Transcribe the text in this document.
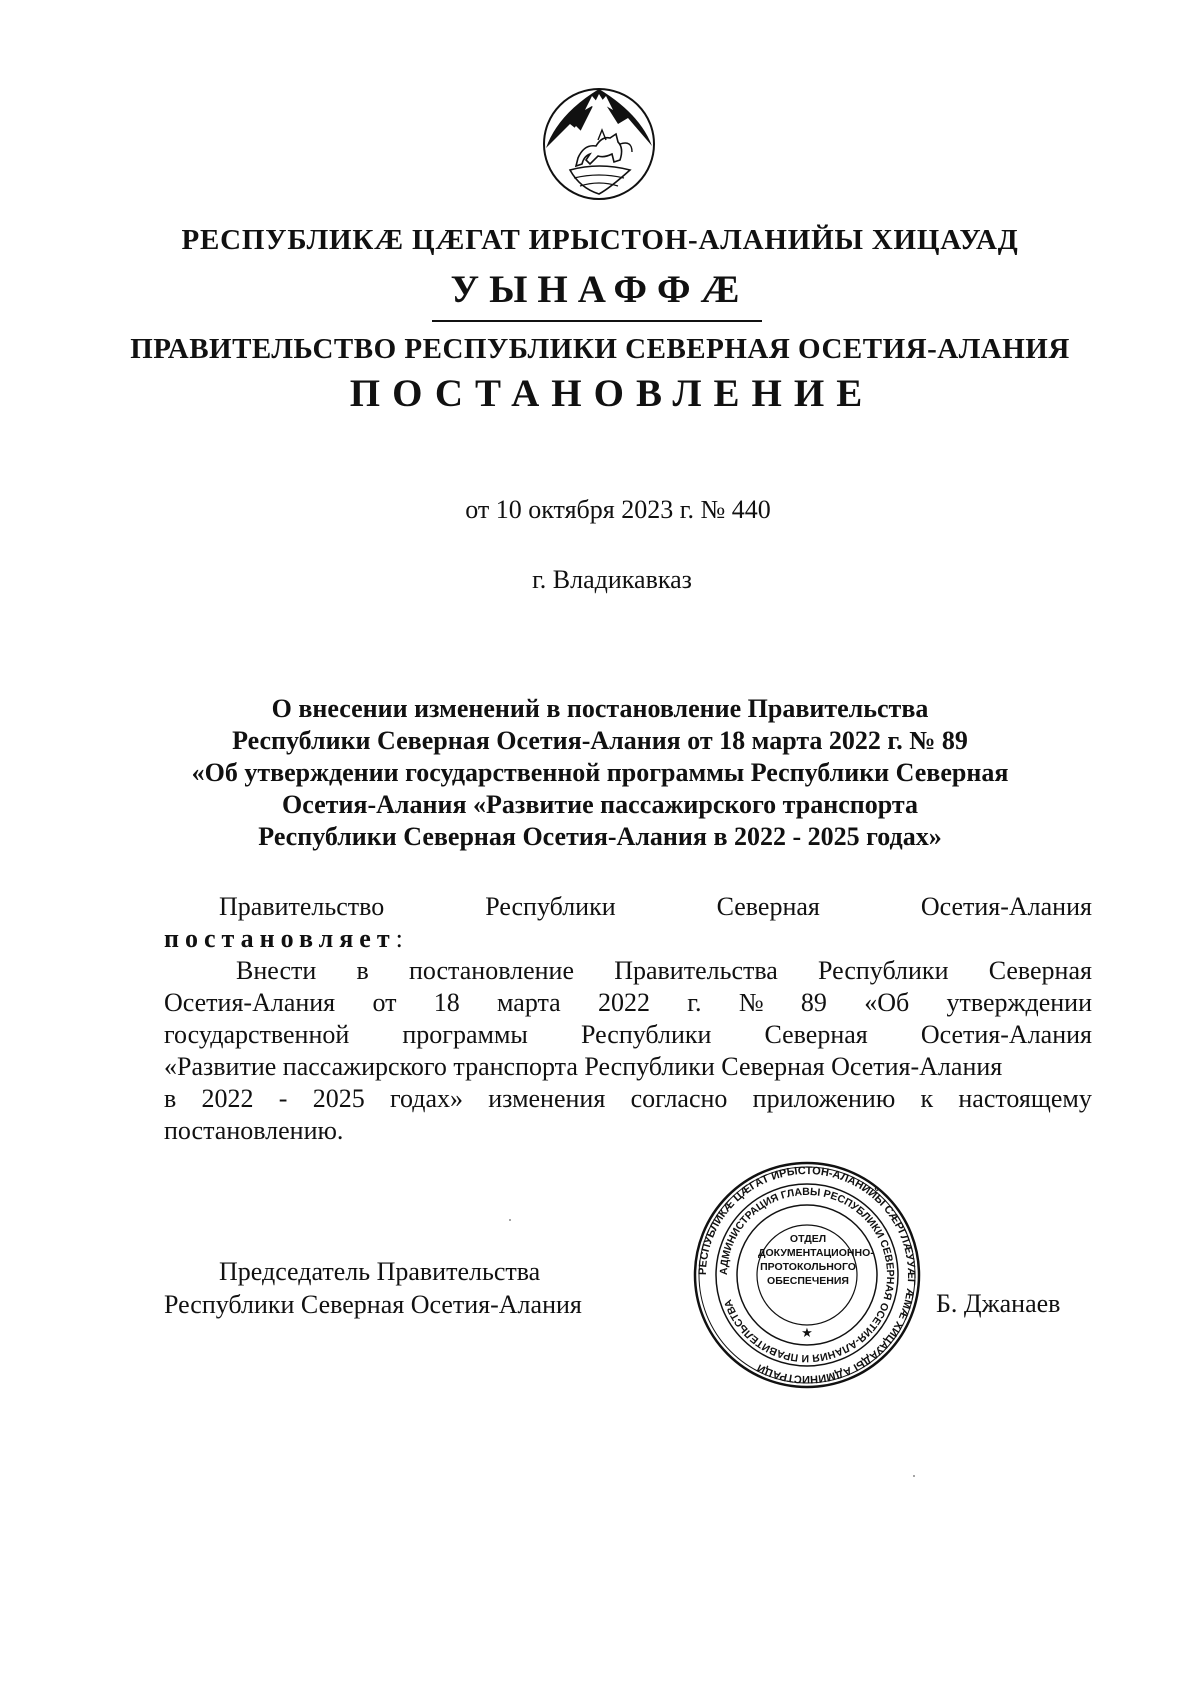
РЕСПУБЛИКÆ ЦÆГАТ ИРЫСТОН-АЛАНИЙЫ ХИЦАУАД
УЫНАФФÆ
ПРАВИТЕЛЬСТВО РЕСПУБЛИКИ СЕВЕРНАЯ ОСЕТИЯ-АЛАНИЯ
ПОСТАНОВЛЕНИЕ
от 10 октября 2023 г. № 440
г. Владикавказ
О внесении изменений в постановление Правительства
Республики Северная Осетия-Алания от 18 марта 2022 г. № 89
«Об утверждении государственной программы Республики Северная
Осетия-Алания «Развитие пассажирского транспорта
Республики Северная Осетия-Алания в 2022 - 2025 годах»
Правительство	Республики	Северная	Осетия-Алания
постановляет:
Внести в постановление Правительства Республики Северная
Осетия-Алания от 18 марта 2022 г. № 89 «Об утверждении
государственной программы Республики Северная Осетия-Алания
«Развитие пассажирского транспорта Республики Северная Осетия-Алания
в 2022 - 2025 годах» изменения согласно приложению к настоящему
постановлению.
Председатель Правительства
Республики Северная Осетия-Алания
РЕСПУБЛИКÆ ЦÆГАТ ИРЫСТОН-АЛАНИЙЫ СÆРГЛÆУУÆГ ÆМÆ ХИЦАУАДЫ АДМИНИСТРАЦИ
АДМИНИСТРАЦИЯ ГЛАВЫ РЕСПУБЛИКИ СЕВЕРНАЯ ОСЕТИЯ-АЛАНИЯ И ПРАВИТЕЛЬСТВА
★
ОТДЕЛ
ДОКУМЕНТАЦИОННО-
ПРОТОКОЛЬНОГО
ОБЕСПЕЧЕНИЯ
Б. Джанаев
